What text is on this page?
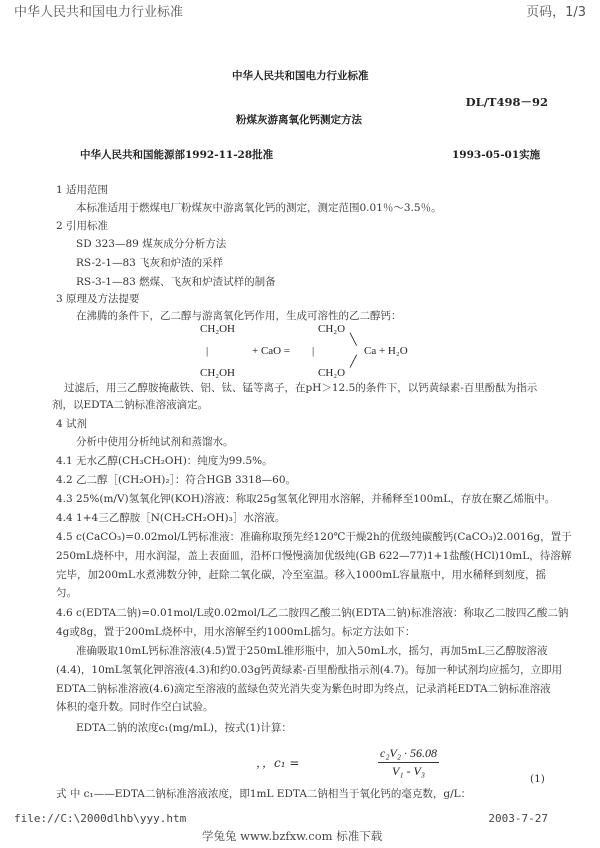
中华人民共和国电力行业标准	页码，1/3
中华人民共和国电力行业标准
DL/T498－92
粉煤灰游离氧化钙测定方法
中华人民共和国能源部1992-11-28批准	1993-05-01实施
1 适用范围
本标准适用于燃煤电厂粉煤灰中游离氧化钙的测定，测定范围0.01％～3.5％。
2 引用标准
SD 323—89 煤灰成分分析方法
RS-2-1—83 飞灰和炉渣的采样
RS-3-1—83 燃煤、飞灰和炉渣试样的制备
3 原理及方法提要
在沸腾的条件下，乙二醇与游离氧化钙作用，生成可溶性的乙二醇钙：
CH₂OH
|
CH₂OH
+ CaO = |
CH₂O
CH₂O
╲
╱
Ca + H₂O
过滤后，用三乙醇胺掩蔽铁、铝、钛、锰等离子，在pH＞12.5的条件下，以钙黄绿素-百里酚酞为指示
剂，以EDTA二钠标准溶液滴定。
4 试剂
分析中使用分析纯试剂和蒸馏水。
4.1 无水乙醇(CH₃CH₂OH)：纯度为99.5%。
4.2 乙二醇［(CH₂OH)₂］：符合HGB 3318—60。
4.3 25%(m/V)氢氧化钾(KOH)溶液：称取25g氢氧化钾用水溶解，并稀释至100mL，存放在聚乙烯瓶中。
4.4 1+4三乙醇胺［N(CH₂CH₂OH)₃］水溶液。
4.5 c(CaCO₃)=0.02mol/L钙标准液：准确称取预先经120℃干燥2h的优级纯碳酸钙(CaCO₃)2.0016g，置于
250mL烧杯中，用水润湿，盖上表面皿，沿杯口慢慢滴加优级纯(GB 622—77)1+1盐酸(HCl)10mL，待溶解
完毕，加200mL水煮沸数分钟，赶除二氧化碳，冷至室温。移入1000mL容量瓶中，用水稀释到刻度，摇
匀。
4.6 c(EDTA二钠)=0.01mol/L或0.02mol/L乙二胺四乙酸二钠(EDTA二钠)标准溶液：称取乙二胺四乙酸二钠
4g或8g，置于200mL烧杯中，用水溶解至约1000mL摇匀。标定方法如下：
准确吸取10mL钙标准溶液(4.5)置于250mL锥形瓶中，加入50mL水，摇匀，再加5mL三乙醇胺溶液
(4.4)，10mL氢氧化钾溶液(4.3)和约0.03g钙黄绿素-百里酚酞指示剂(4.7)。每加一种试剂均应摇匀，立即用
EDTA二钠标准溶液(4.6)滴定至溶液的蓝绿色荧光消失变为紫色时即为终点，记录消耗EDTA二钠标准溶液
体积的毫升数。同时作空白试验。
EDTA二钠的浓度c₁(mg/mL)，按式(1)计算：
，，c₁ =	$\frac{\text{c₂V₂ · 56.08}}{\text{V₁ - V₃}}$	(1)
式 中 c₁——EDTA二钠标准溶液浓度，即1mL EDTA二钠相当于氧化钙的毫克数，g/L：
file://C:\2000dlhb\yyy.htm	2003-7-27
学兔兔 www.bzfxw.com 标准下载
